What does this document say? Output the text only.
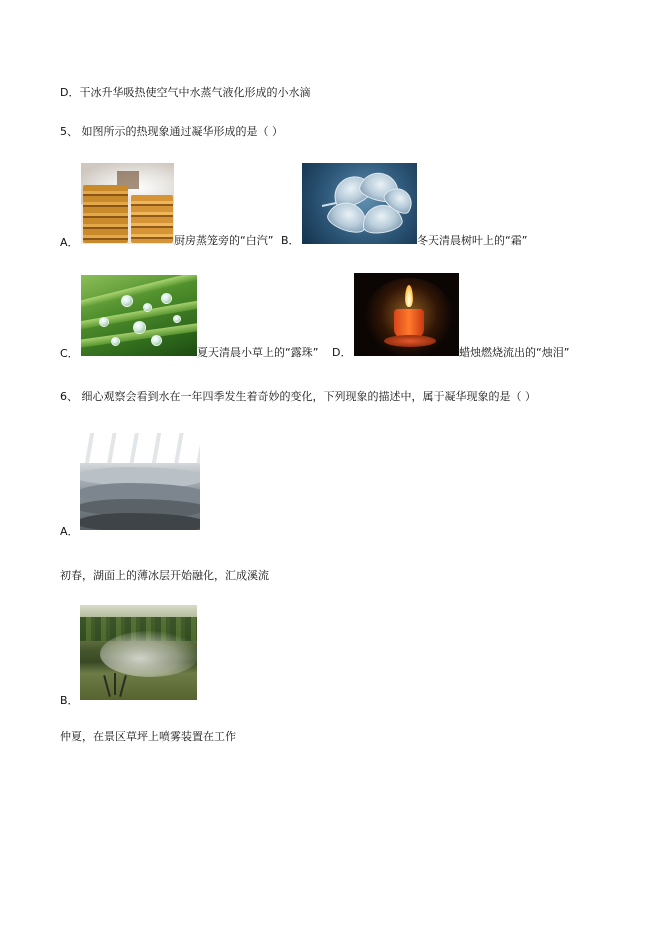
D．干冰升华吸热使空气中水蒸气液化形成的小水滴
5、 如图所示的热现象通过凝华形成的是（ ）
A．	厨房蒸笼旁的“白汽” B．	冬天清晨树叶上的“霜”
C．	夏天清晨小草上的“露珠” D．	蜡烛燃烧流出的“烛泪”
6、 细心观察会看到水在一年四季发生着奇妙的变化，下列现象的描述中，属于凝华现象的是（ ）
A．
初春，湖面上的薄冰层开始融化，汇成溪流
B．
仲夏，在景区草坪上喷雾装置在工作
